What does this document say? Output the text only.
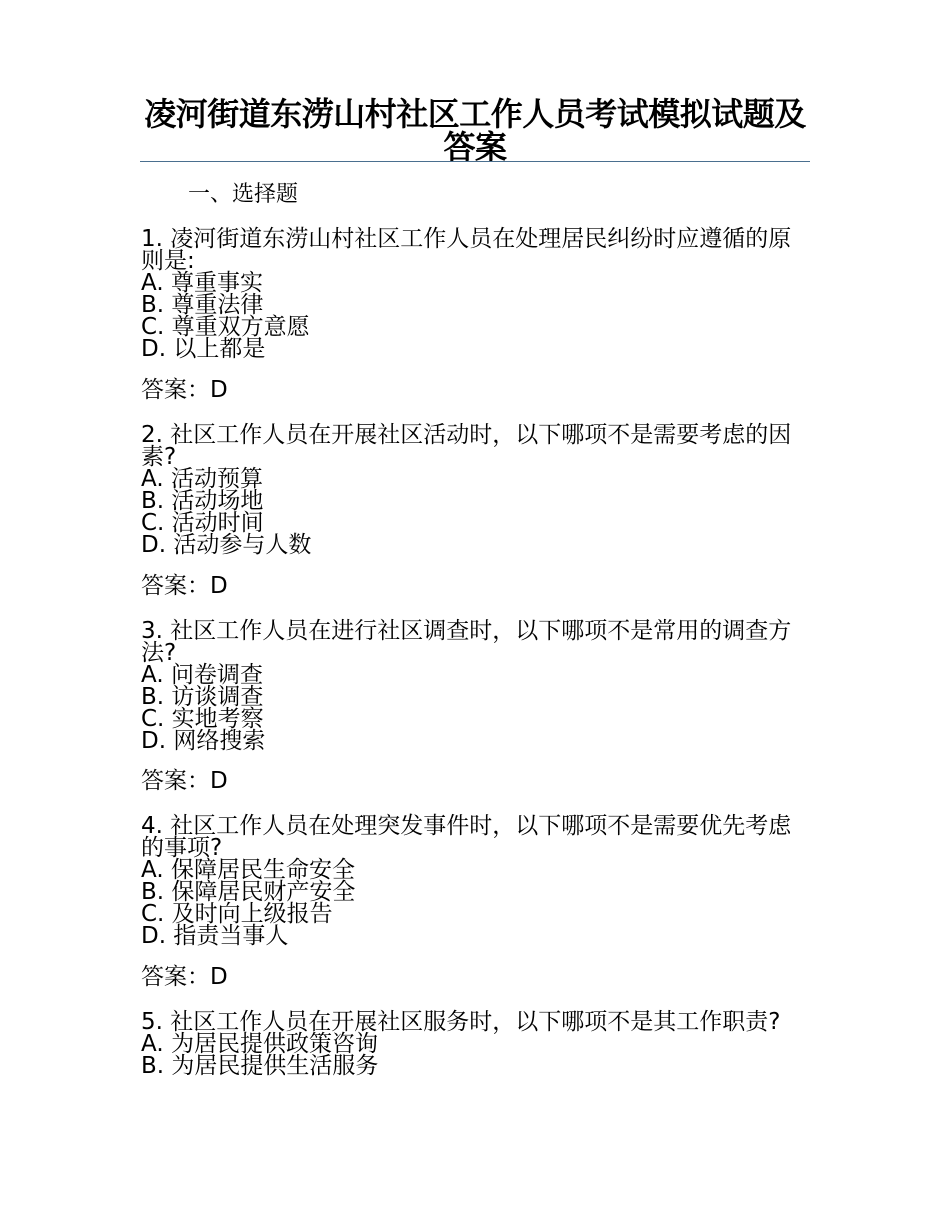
凌河街道东涝山村社区工作人员考试模拟试题及答案
一、选择题
1. 凌河街道东涝山村社区工作人员在处理居民纠纷时应遵循的原则是:
A. 尊重事实
B. 尊重法律
C. 尊重双方意愿
D. 以上都是
答案：D
2. 社区工作人员在开展社区活动时，以下哪项不是需要考虑的因素?
A. 活动预算
B. 活动场地
C. 活动时间
D. 活动参与人数
答案：D
3. 社区工作人员在进行社区调查时，以下哪项不是常用的调查方法?
A. 问卷调查
B. 访谈调查
C. 实地考察
D. 网络搜索
答案：D
4. 社区工作人员在处理突发事件时，以下哪项不是需要优先考虑的事项?
A. 保障居民生命安全
B. 保障居民财产安全
C. 及时向上级报告
D. 指责当事人
答案：D
5. 社区工作人员在开展社区服务时，以下哪项不是其工作职责?
A. 为居民提供政策咨询
B. 为居民提供生活服务
